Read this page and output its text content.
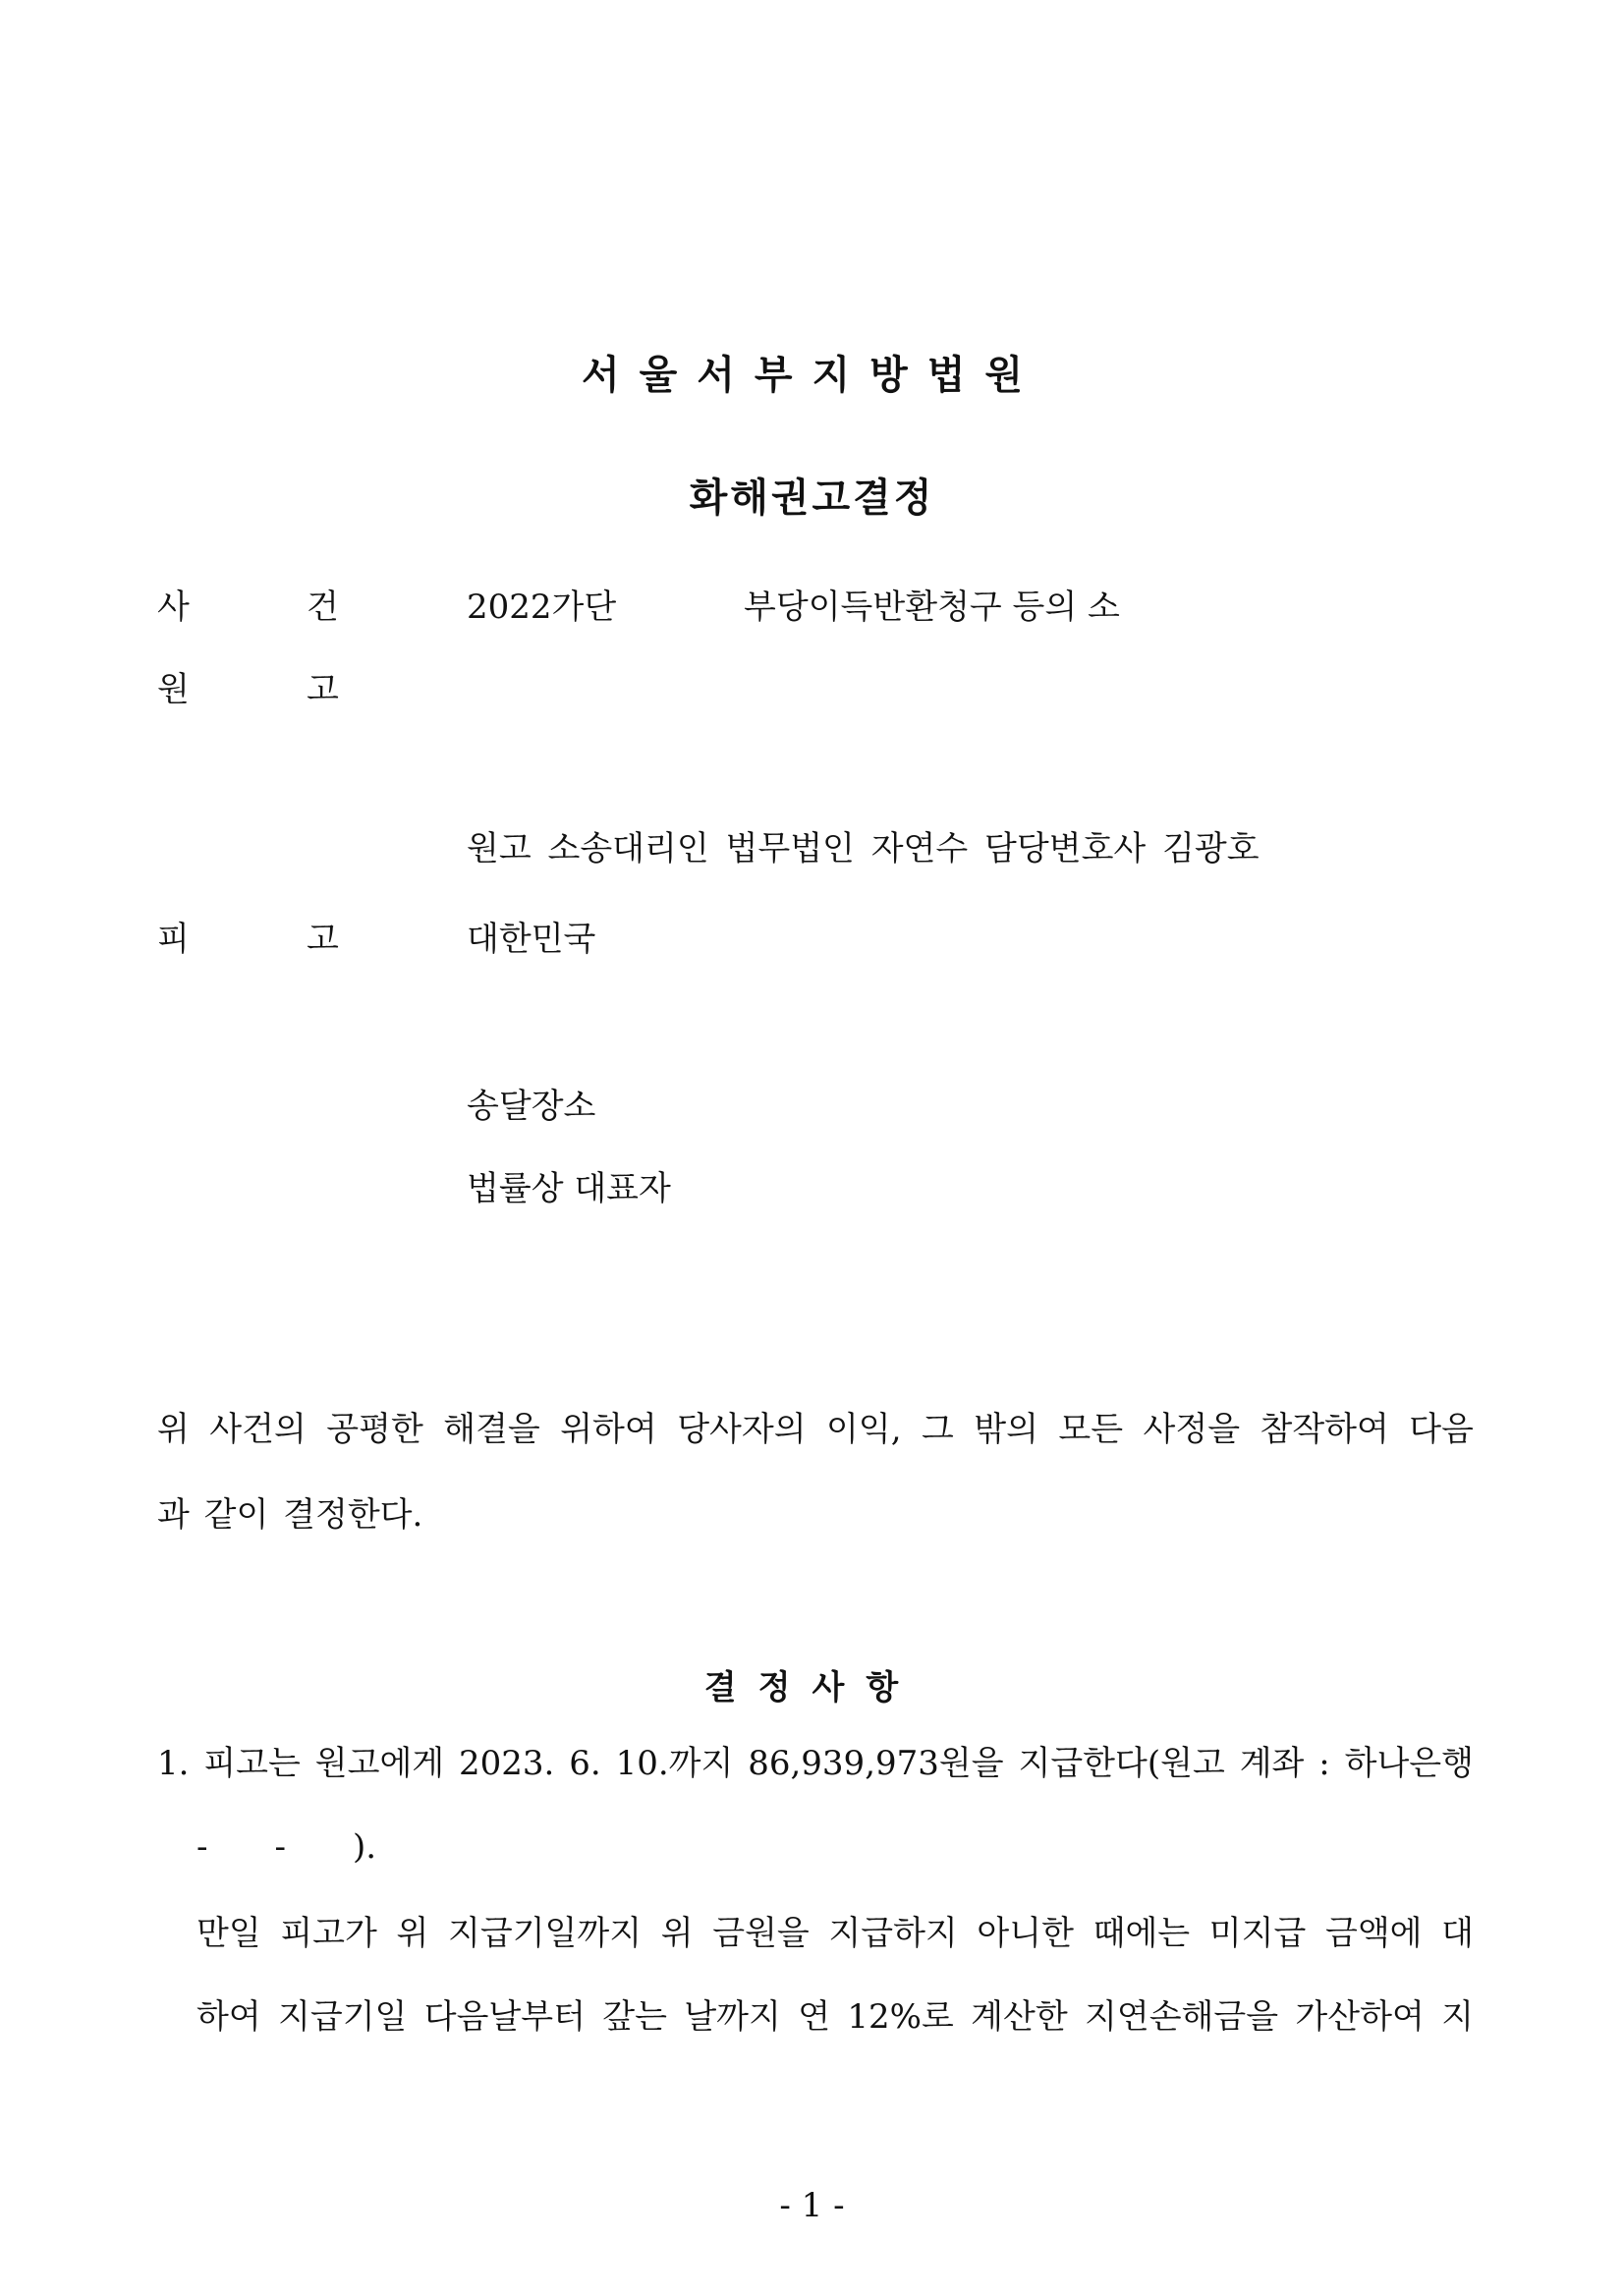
서울서부지방법원
화해권고결정
사	건	2022가단	부당이득반환청구 등의 소
원	고
원고 소송대리인 법무법인 자연수 담당변호사 김광호
피	고	대한민국
송달장소
법률상 대표자
위 사건의 공평한 해결을 위하여 당사자의 이익, 그 밖의 모든 사정을 참작하여 다음
과 같이 결정한다.
결정사항
1. 피고는 원고에게 2023. 6. 10.까지 86,939,973원을 지급한다(원고 계좌 : 하나은행
-　　-　　).
만일 피고가 위 지급기일까지 위 금원을 지급하지 아니한 때에는 미지급 금액에 대
하여 지급기일 다음날부터 갚는 날까지 연 12%로 계산한 지연손해금을 가산하여 지
- 1 -
